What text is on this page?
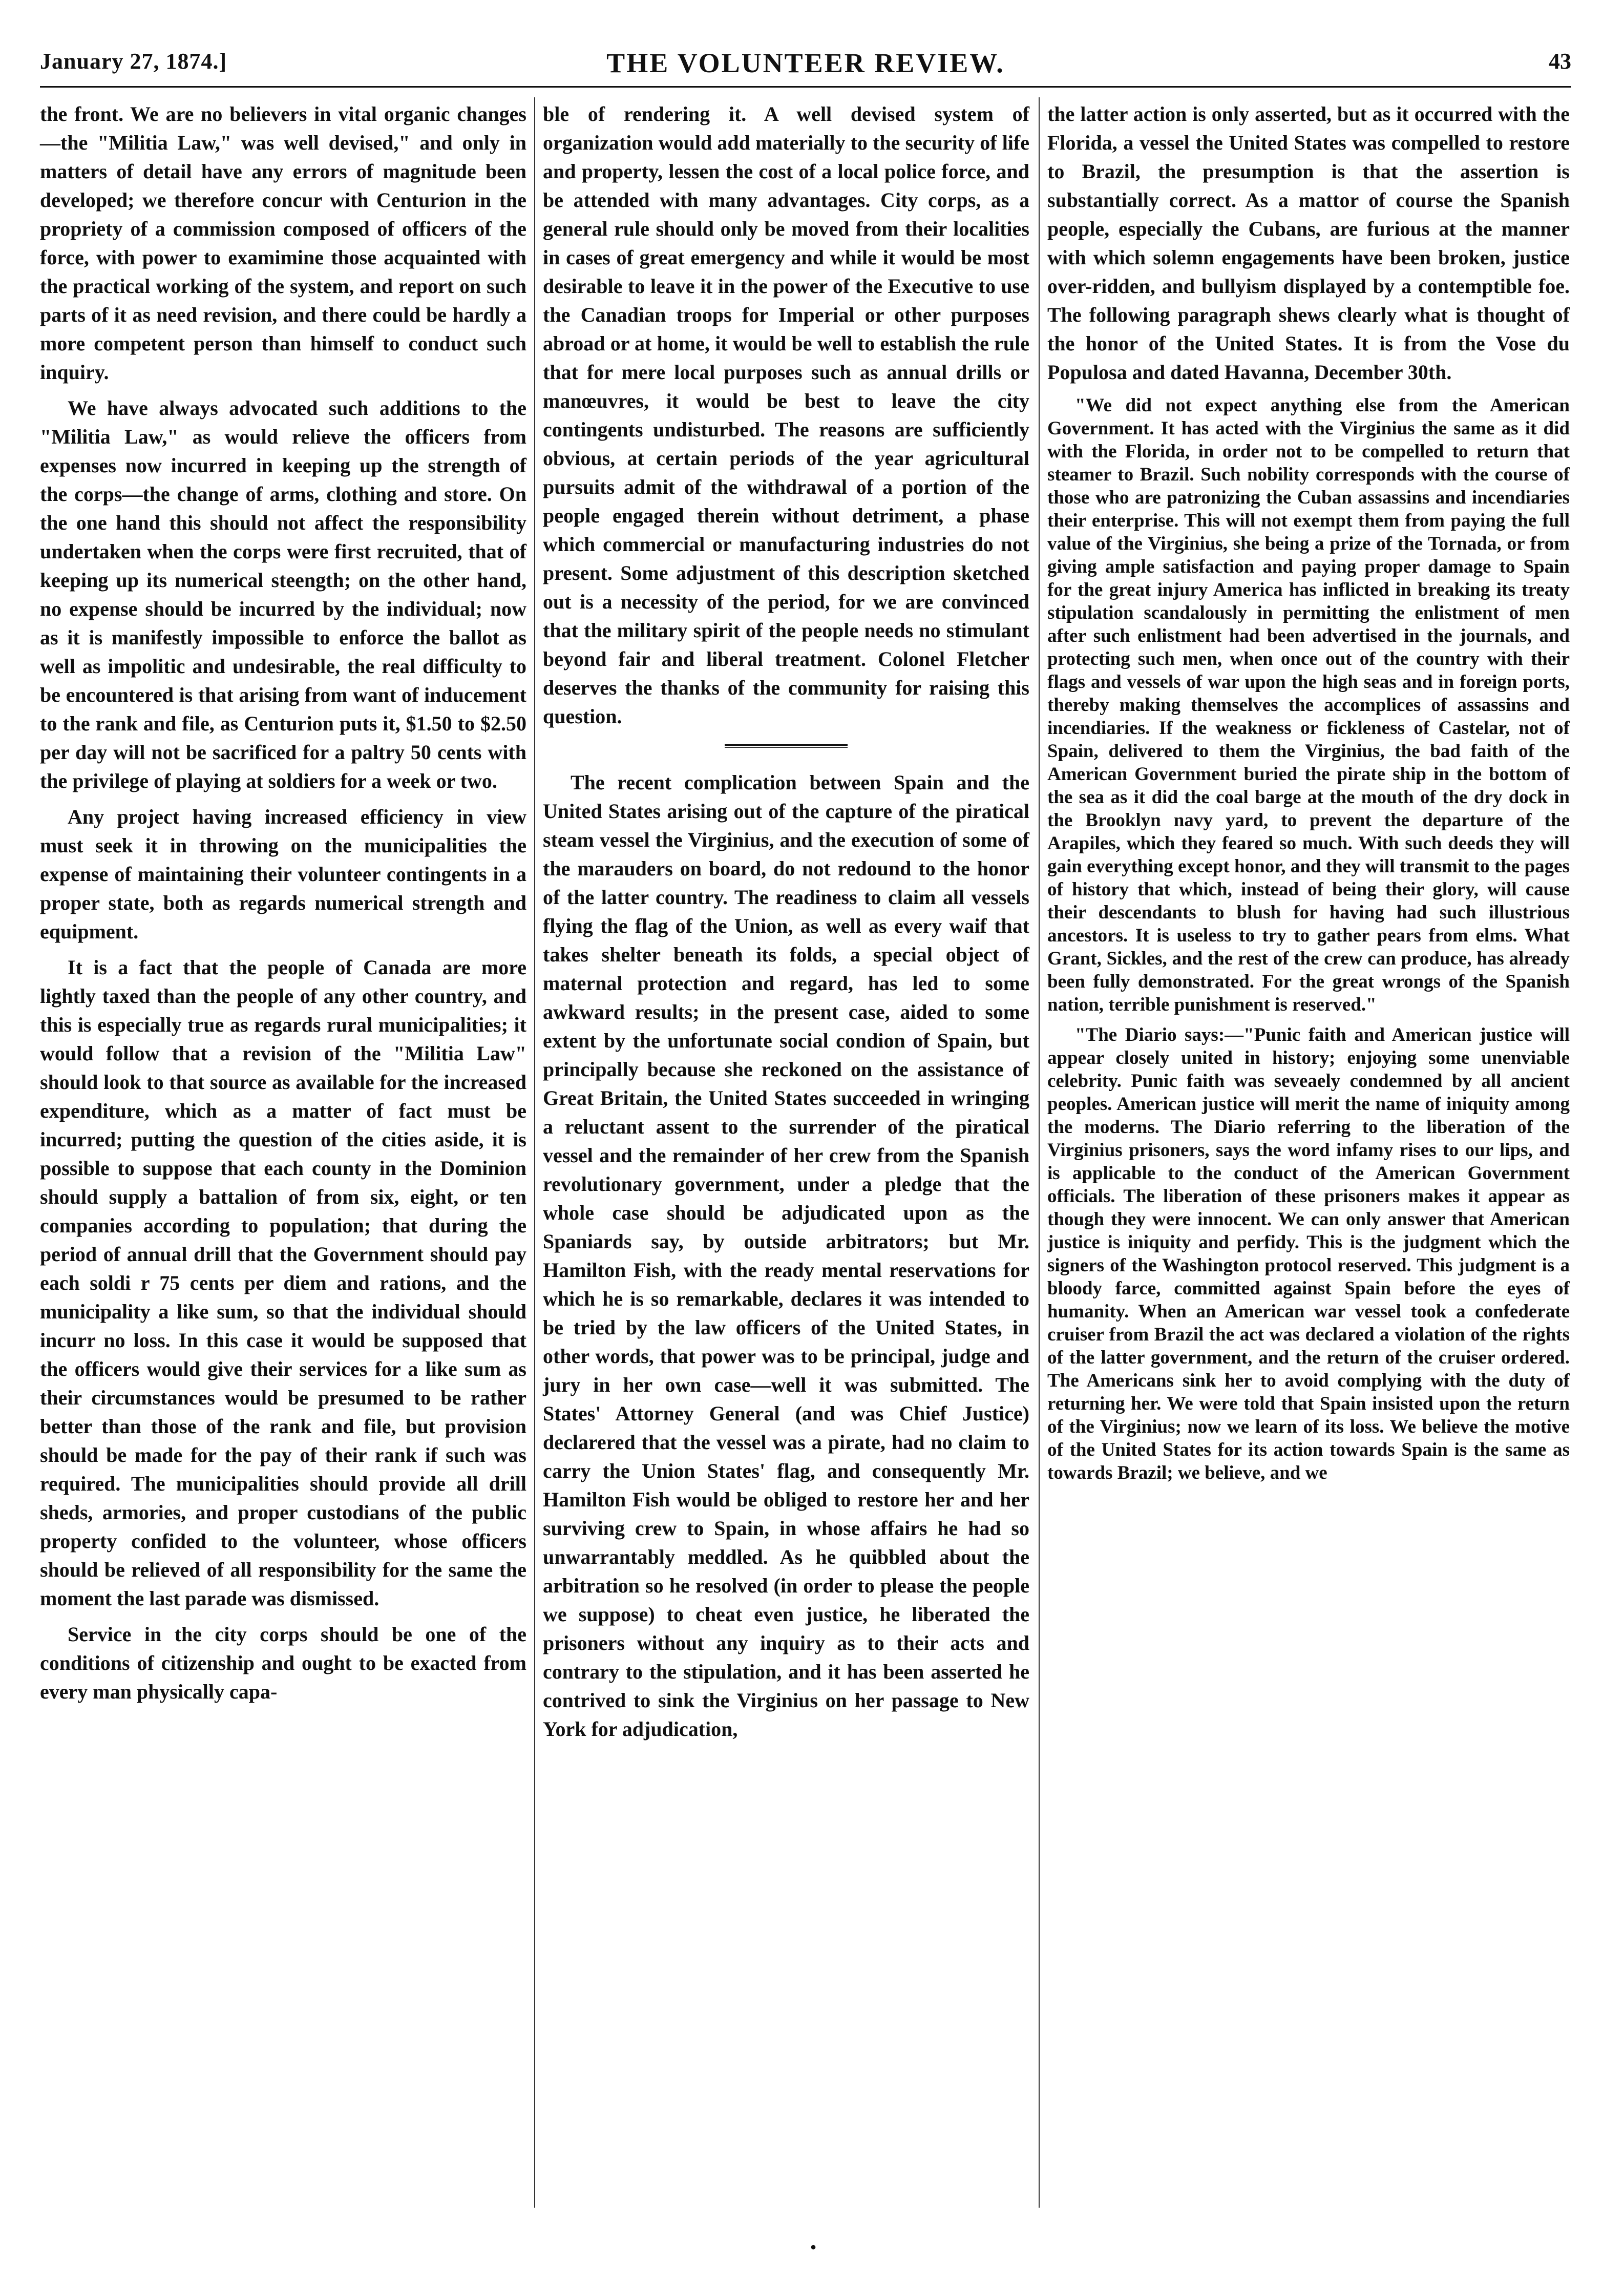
January 27, 1874.]	THE VOLUNTEER REVIEW.	43

the front. We are no believers in vital organic changes—the "Militia Law," was well devised," and only in matters of detail have any errors of magnitude been developed; we therefore concur with Centurion in the propriety of a commission composed of officers of the force, with power to examimine those acquainted with the practical working of the system, and report on such parts of it as need revision, and there could be hardly a more competent person than himself to conduct such inquiry.

We have always advocated such additions to the "Militia Law," as would relieve the officers from expenses now incurred in keeping up the strength of the corps—the change of arms, clothing and store. On the one hand this should not affect the responsibility undertaken when the corps were first recruited, that of keeping up its numerical steength; on the other hand, no expense should be incurred by the individual; now as it is manifestly impossible to enforce the ballot as well as impolitic and undesirable, the real difficulty to be encountered is that arising from want of inducement to the rank and file, as Centurion puts it, $1.50 to $2.50 per day will not be sacrificed for a paltry 50 cents with the privilege of playing at soldiers for a week or two.

Any project having increased efficiency in view must seek it in throwing on the municipalities the expense of maintaining their volunteer contingents in a proper state, both as regards numerical strength and equipment.

It is a fact that the people of Canada are more lightly taxed than the people of any other country, and this is especially true as regards rural municipalities; it would follow that a revision of the "Militia Law" should look to that source as available for the increased expenditure, which as a matter of fact must be incurred; putting the question of the cities aside, it is possible to suppose that each county in the Dominion should supply a battalion of from six, eight, or ten companies according to population; that during the period of annual drill that the Government should pay each soldi r 75 cents per diem and rations, and the municipality a like sum, so that the individual should incurr no loss. In this case it would be supposed that the officers would give their services for a like sum as their circumstances would be presumed to be rather better than those of the rank and file, but provision should be made for the pay of their rank if such was required. The municipalities should provide all drill sheds, armories, and proper custodians of the public property confided to the volunteer, whose officers should be relieved of all responsibility for the same the moment the last parade was dismissed.

Service in the city corps should be one of the conditions of citizenship and ought to be exacted from every man physically capa-

ble of rendering it. A well devised system of organization would add materially to the security of life and property, lessen the cost of a local police force, and be attended with many advantages. City corps, as a general rule should only be moved from their localities in cases of great emergency and while it would be most desirable to leave it in the power of the Executive to use the Canadian troops for Imperial or other purposes abroad or at home, it would be well to establish the rule that for mere local purposes such as annual drills or manœuvres, it would be best to leave the city contingents undisturbed. The reasons are sufficiently obvious, at certain periods of the year agricultural pursuits admit of the withdrawal of a portion of the people engaged therein without detriment, a phase which commercial or manufacturing industries do not present. Some adjustment of this description sketched out is a necessity of the period, for we are convinced that the military spirit of the people needs no stimulant beyond fair and liberal treatment. Colonel Fletcher deserves the thanks of the community for raising this question.

The recent complication between Spain and the United States arising out of the capture of the piratical steam vessel the Virginius, and the execution of some of the marauders on board, do not redound to the honor of the latter country. The readiness to claim all vessels flying the flag of the Union, as well as every waif that takes shelter beneath its folds, a special object of maternal protection and regard, has led to some awkward results; in the present case, aided to some extent by the unfortunate social condion of Spain, but principally because she reckoned on the assistance of Great Britain, the United States succeeded in wringing a reluctant assent to the surrender of the piratical vessel and the remainder of her crew from the Spanish revolutionary government, under a pledge that the whole case should be adjudicated upon as the Spaniards say, by outside arbitrators; but Mr. Hamilton Fish, with the ready mental reservations for which he is so remarkable, declares it was intended to be tried by the law officers of the United States, in other words, that power was to be principal, judge and jury in her own case—well it was submitted. The States' Attorney General (and was Chief Justice) declarered that the vessel was a pirate, had no claim to carry the Union States' flag, and consequently Mr. Hamilton Fish would be obliged to restore her and her surviving crew to Spain, in whose affairs he had so unwarrantably meddled. As he quibbled about the arbitration so he resolved (in order to please the people we suppose) to cheat even justice, he liberated the prisoners without any inquiry as to their acts and contrary to the stipulation, and it has been asserted he contrived to sink the Virginius on her passage to New York for adjudication,

the latter action is only asserted, but as it occurred with the Florida, a vessel the United States was compelled to restore to Brazil, the presumption is that the assertion is substantially correct. As a mattor of course the Spanish people, especially the Cubans, are furious at the manner with which solemn engagements have been broken, justice over-ridden, and bullyism displayed by a contemptible foe. The following paragraph shews clearly what is thought of the honor of the United States. It is from the Vose du Populosa and dated Havanna, December 30th.

"We did not expect anything else from the American Government. It has acted with the Virginius the same as it did with the Florida, in order not to be compelled to return that steamer to Brazil. Such nobility corresponds with the course of those who are patronizing the Cuban assassins and incendiaries their enterprise. This will not exempt them from paying the full value of the Virginius, she being a prize of the Tornada, or from giving ample satisfaction and paying proper damage to Spain for the great injury America has inflicted in breaking its treaty stipulation scandalously in permitting the enlistment of men after such enlistment had been advertised in the journals, and protecting such men, when once out of the country with their flags and vessels of war upon the high seas and in foreign ports, thereby making themselves the accomplices of assassins and incendiaries. If the weakness or fickleness of Castelar, not of Spain, delivered to them the Virginius, the bad faith of the American Government buried the pirate ship in the bottom of the sea as it did the coal barge at the mouth of the dry dock in the Brooklyn navy yard, to prevent the departure of the Arapiles, which they feared so much. With such deeds they will gain everything except honor, and they will transmit to the pages of history that which, instead of being their glory, will cause their descendants to blush for having had such illustrious ancestors. It is useless to try to gather pears from elms. What Grant, Sickles, and the rest of the crew can produce, has already been fully demonstrated. For the great wrongs of the Spanish nation, terrible punishment is reserved."

"The Diario says:—"Punic faith and American justice will appear closely united in history; enjoying some unenviable celebrity. Punic faith was seveaely condemned by all ancient peoples. American justice will merit the name of iniquity among the moderns. The Diario referring to the liberation of the Virginius prisoners, says the word infamy rises to our lips, and is applicable to the conduct of the American Government officials. The liberation of these prisoners makes it appear as though they were innocent. We can only answer that American justice is iniquity and perfidy. This is the judgment which the signers of the Washington protocol reserved. This judgment is a bloody farce, committed against Spain before the eyes of humanity. When an American war vessel took a confederate cruiser from Brazil the act was declared a violation of the rights of the latter government, and the return of the cruiser ordered. The Americans sink her to avoid complying with the duty of returning her. We were told that Spain insisted upon the return of the Virginius; now we learn of its loss. We believe the motive of the United States for its action towards Spain is the same as towards Brazil; we believe, and we

•
